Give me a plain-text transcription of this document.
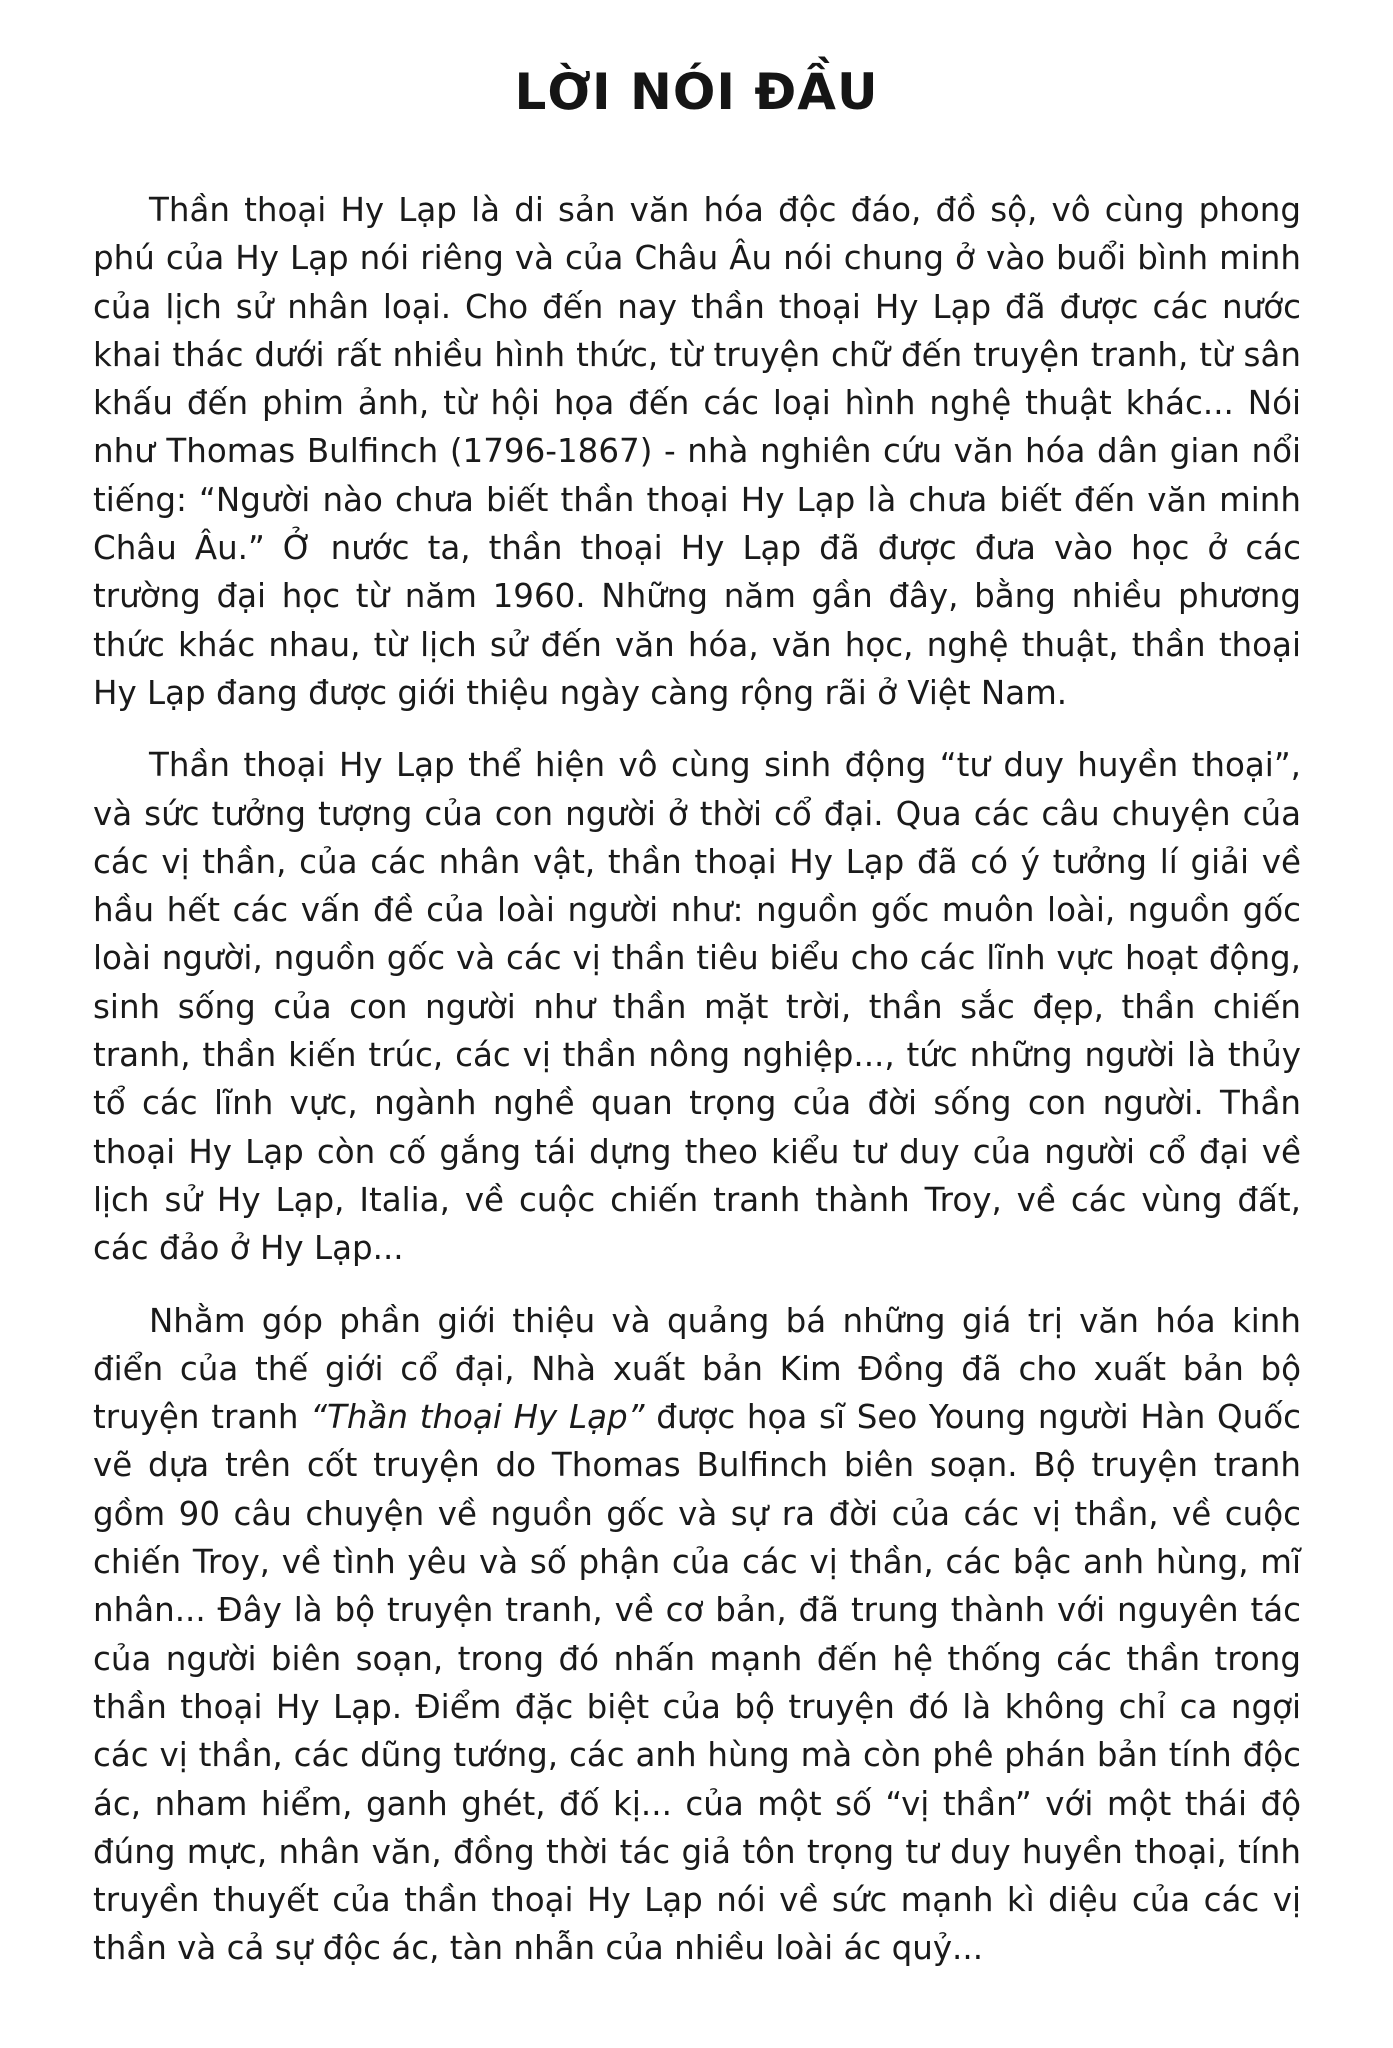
LỜI NÓI ĐẦU

Thần thoại Hy Lạp là di sản văn hóa độc đáo, đồ sộ, vô cùng phong phú của Hy Lạp nói riêng và của Châu Âu nói chung ở vào buổi bình minh của lịch sử nhân loại. Cho đến nay thần thoại Hy Lạp đã được các nước khai thác dưới rất nhiều hình thức, từ truyện chữ đến truyện tranh, từ sân khấu đến phim ảnh, từ hội họa đến các loại hình nghệ thuật khác... Nói như Thomas Bulfinch (1796-1867) - nhà nghiên cứu văn hóa dân gian nổi tiếng: “Người nào chưa biết thần thoại Hy Lạp là chưa biết đến văn minh Châu Âu.” Ở nước ta, thần thoại Hy Lạp đã được đưa vào học ở các trường đại học từ năm 1960. Những năm gần đây, bằng nhiều phương thức khác nhau, từ lịch sử đến văn hóa, văn học, nghệ thuật, thần thoại Hy Lạp đang được giới thiệu ngày càng rộng rãi ở Việt Nam.

Thần thoại Hy Lạp thể hiện vô cùng sinh động “tư duy huyền thoại”, và sức tưởng tượng của con người ở thời cổ đại. Qua các câu chuyện của các vị thần, của các nhân vật, thần thoại Hy Lạp đã có ý tưởng lí giải về hầu hết các vấn đề của loài người như: nguồn gốc muôn loài, nguồn gốc loài người, nguồn gốc và các vị thần tiêu biểu cho các lĩnh vực hoạt động, sinh sống của con người như thần mặt trời, thần sắc đẹp, thần chiến tranh, thần kiến trúc, các vị thần nông nghiệp..., tức những người là thủy tổ các lĩnh vực, ngành nghề quan trọng của đời sống con người. Thần thoại Hy Lạp còn cố gắng tái dựng theo kiểu tư duy của người cổ đại về lịch sử Hy Lạp, Italia, về cuộc chiến tranh thành Troy, về các vùng đất, các đảo ở Hy Lạp...

Nhằm góp phần giới thiệu và quảng bá những giá trị văn hóa kinh điển của thế giới cổ đại, Nhà xuất bản Kim Đồng đã cho xuất bản bộ truyện tranh “Thần thoại Hy Lạp” được họa sĩ Seo Young người Hàn Quốc vẽ dựa trên cốt truyện do Thomas Bulfinch biên soạn. Bộ truyện tranh gồm 90 câu chuyện về nguồn gốc và sự ra đời của các vị thần, về cuộc chiến Troy, về tình yêu và số phận của các vị thần, các bậc anh hùng, mĩ nhân... Đây là bộ truyện tranh, về cơ bản, đã trung thành với nguyên tác của người biên soạn, trong đó nhấn mạnh đến hệ thống các thần trong thần thoại Hy Lạp. Điểm đặc biệt của bộ truyện đó là không chỉ ca ngợi các vị thần, các dũng tướng, các anh hùng mà còn phê phán bản tính độc ác, nham hiểm, ganh ghét, đố kị... của một số “vị thần” với một thái độ đúng mực, nhân văn, đồng thời tác giả tôn trọng tư duy huyền thoại, tính truyền thuyết của thần thoại Hy Lạp nói về sức mạnh kì diệu của các vị thần và cả sự độc ác, tàn nhẫn của nhiều loài ác quỷ...
